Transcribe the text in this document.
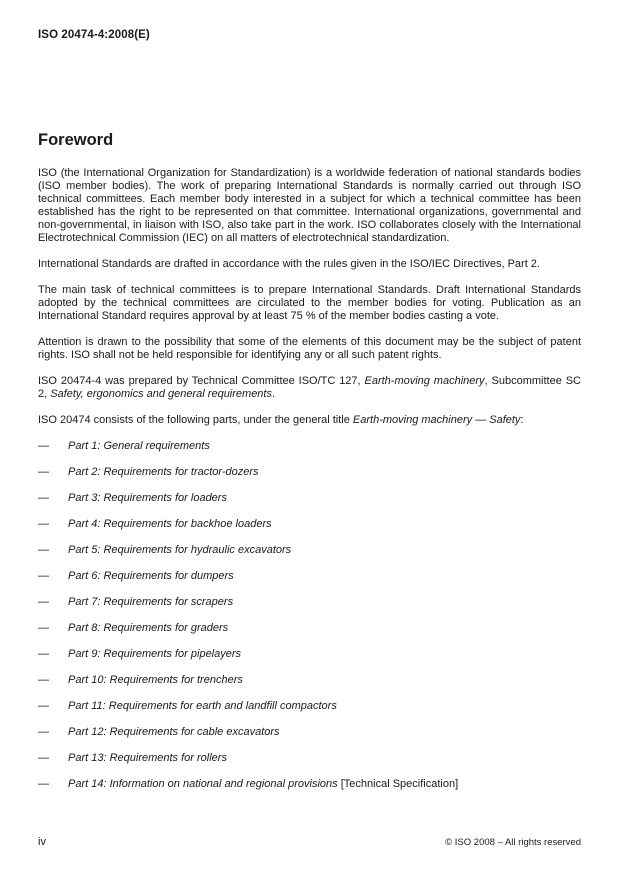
ISO 20474-4:2008(E)
Foreword

ISO (the International Organization for Standardization) is a worldwide federation of national standards bodies (ISO member bodies). The work of preparing International Standards is normally carried out through ISO technical committees. Each member body interested in a subject for which a technical committee has been established has the right to be represented on that committee. International organizations, governmental and non-governmental, in liaison with ISO, also take part in the work. ISO collaborates closely with the International Electrotechnical Commission (IEC) on all matters of electrotechnical standardization.

International Standards are drafted in accordance with the rules given in the ISO/IEC Directives, Part 2.

The main task of technical committees is to prepare International Standards. Draft International Standards adopted by the technical committees are circulated to the member bodies for voting. Publication as an International Standard requires approval by at least 75 % of the member bodies casting a vote.

Attention is drawn to the possibility that some of the elements of this document may be the subject of patent rights. ISO shall not be held responsible for identifying any or all such patent rights.

ISO 20474-4 was prepared by Technical Committee ISO/TC 127, Earth-moving machinery, Subcommittee SC 2, Safety, ergonomics and general requirements.

ISO 20474 consists of the following parts, under the general title Earth-moving machinery — Safety:

—	Part 1: General requirements
—	Part 2: Requirements for tractor-dozers
—	Part 3: Requirements for loaders
—	Part 4: Requirements for backhoe loaders
—	Part 5: Requirements for hydraulic excavators
—	Part 6: Requirements for dumpers
—	Part 7: Requirements for scrapers
—	Part 8: Requirements for graders
—	Part 9: Requirements for pipelayers
—	Part 10: Requirements for trenchers
—	Part 11: Requirements for earth and landfill compactors
—	Part 12: Requirements for cable excavators
—	Part 13: Requirements for rollers
—	Part 14: Information on national and regional provisions [Technical Specification]
iv	© ISO 2008 – All rights reserved
